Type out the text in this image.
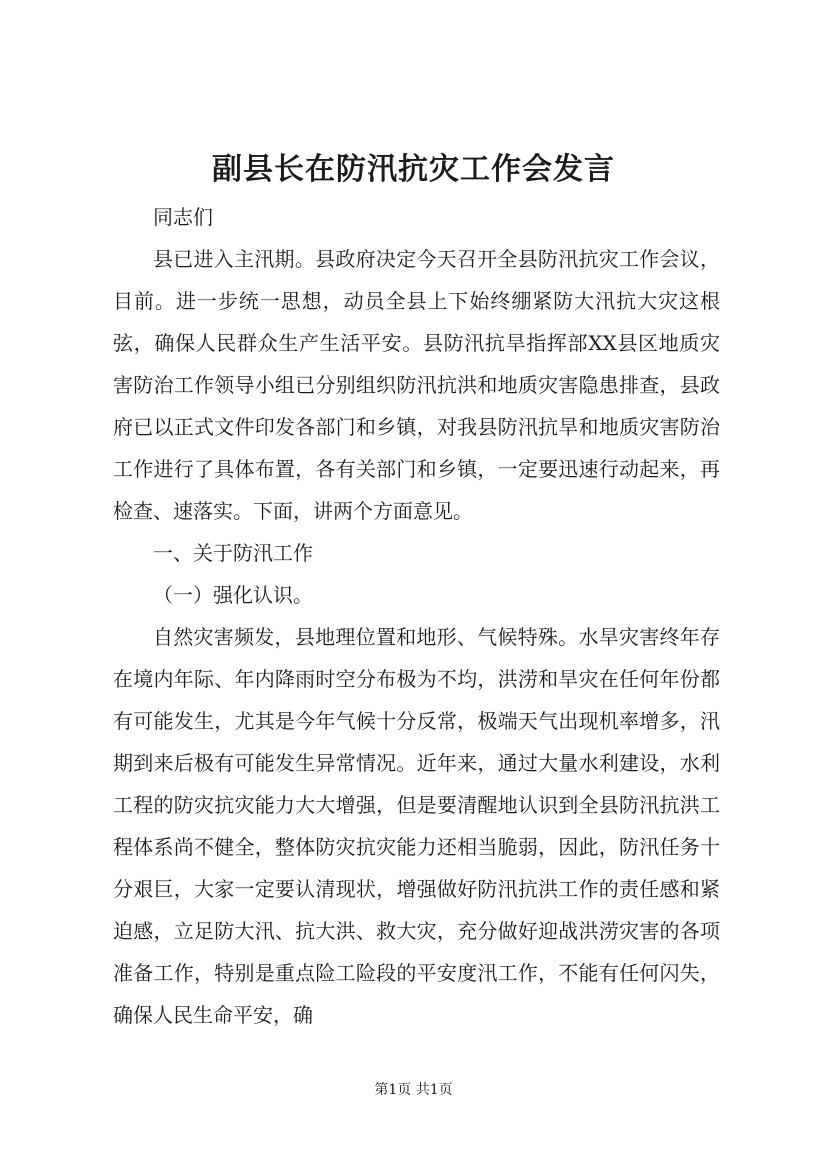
副县长在防汛抗灾工作会发言

同志们

县已进入主汛期。县政府决定今天召开全县防汛抗灾工作会议，目前。进一步统一思想，动员全县上下始终绷紧防大汛抗大灾这根弦，确保人民群众生产生活平安。县防汛抗旱指挥部XX县区地质灾害防治工作领导小组已分别组织防汛抗洪和地质灾害隐患排查，县政府已以正式文件印发各部门和乡镇，对我县防汛抗旱和地质灾害防治工作进行了具体布置，各有关部门和乡镇，一定要迅速行动起来，再检查、速落实。下面，讲两个方面意见。

一、关于防汛工作

（一）强化认识。

自然灾害频发，县地理位置和地形、气候特殊。水旱灾害终年存在境内年际、年内降雨时空分布极为不均，洪涝和旱灾在任何年份都有可能发生，尤其是今年气候十分反常，极端天气出现机率增多，汛期到来后极有可能发生异常情况。近年来，通过大量水利建设，水利工程的防灾抗灾能力大大增强，但是要清醒地认识到全县防汛抗洪工程体系尚不健全，整体防灾抗灾能力还相当脆弱，因此，防汛任务十分艰巨，大家一定要认清现状，增强做好防汛抗洪工作的责任感和紧迫感，立足防大汛、抗大洪、救大灾，充分做好迎战洪涝灾害的各项准备工作，特别是重点险工险段的平安度汛工作，不能有任何闪失，确保人民生命平安，确

第1页 共1页
